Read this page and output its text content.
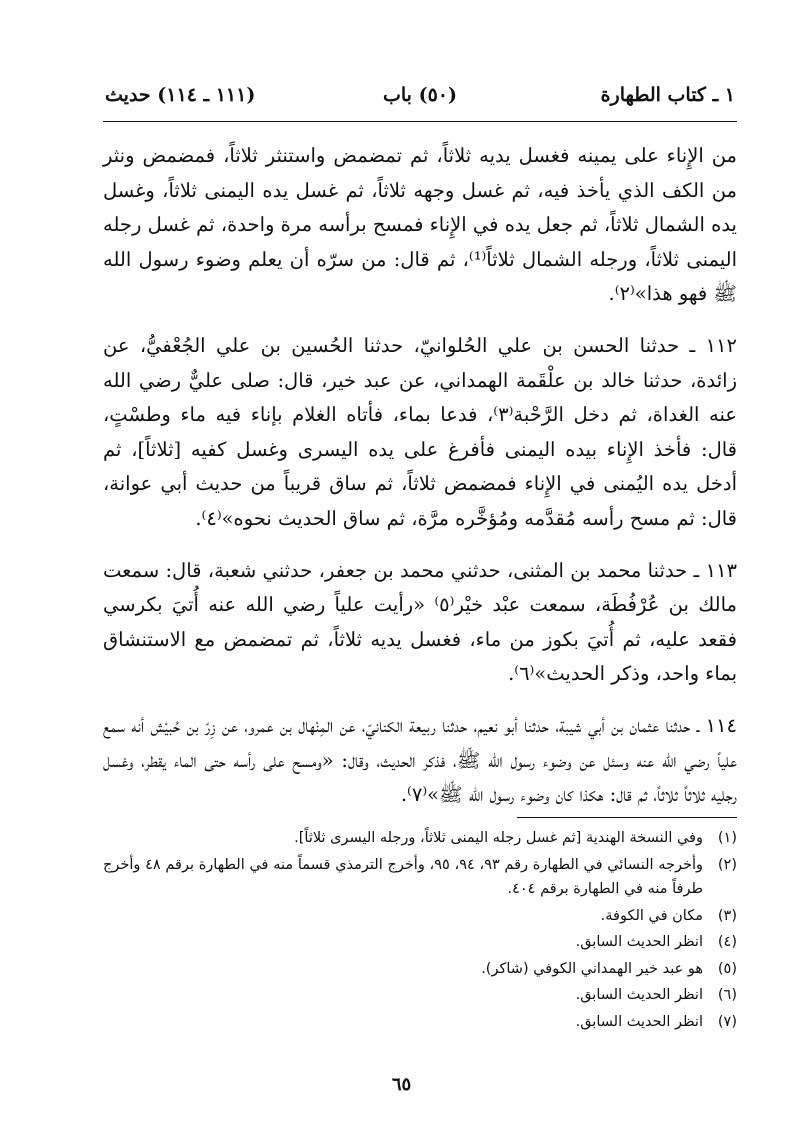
١ ـ كتاب الطهارة
(٥٠) باب
(١١١ ـ ١١٤) حديث

من الإِناء على يمينه فغسل يديه ثلاثاً، ثم تمضمض واستنثر ثلاثاً، فمضمض ونثر من الكف الذي يأخذ فيه، ثم غسل وجهه ثلاثاً، ثم غسل يده اليمنى ثلاثاً، وغسل يده الشمال ثلاثاً، ثم جعل يده في الإِناء فمسح برأسه مرة واحدة، ثم غسل رجله اليمنى ثلاثاً، ورجله الشمال ثلاثاً⁽¹⁾، ثم قال: من سرّه أن يعلم وضوء رسول الله ﷺ فهو هذا»⁽٢⁾.

١١٢ ـ حدثنا الحسن بن علي الحُلوانيّ، حدثنا الحُسين بن علي الجُعْفيُّ، عن زائدة، حدثنا خالد بن علْقَمة الهمداني، عن عبد خير، قال: صلى عليٌّ رضي الله عنه الغداة، ثم دخل الرَّحْبة⁽٣⁾، فدعا بماء، فأتاه الغلام بإناء فيه ماء وطسْتٍ، قال: فأخذ الإِناء بيده اليمنى فأفرغ على يده اليسرى وغسل كفيه [ثلاثاً]، ثم أدخل يده اليُمنى في الإِناء فمضمض ثلاثاً، ثم ساق قريباً من حديث أبي عوانة، قال: ثم مسح رأسه مُقدَّمه ومُؤخَّره مرَّة، ثم ساق الحديث نحوه»⁽٤⁾.

١١٣ ـ حدثنا محمد بن المثنى، حدثني محمد بن جعفر، حدثني شعبة، قال: سمعت مالك بن عُرْفُطَة، سمعت عبْد خيْر⁽٥⁾ «رأيت علياً رضي الله عنه أُتيَ بكرسي فقعد عليه، ثم أُتيَ بكوز من ماء، فغسل يديه ثلاثاً، ثم تمضمض مع الاستنشاق بماء واحد، وذكر الحديث»⁽٦⁾.

١١٤ ـ حدثنا عثمان بن أبي شيبة، حدثنا أبو نعيم، حدثنا ربيعة الكنانيّ، عن المِنْهال بن عمرو، عن زِرّ بن حُبيْش أنه سمع علياً رضي الله عنه وسئل عن وضوء رسول الله ﷺ، فذكر الحديث، وقال: «ومسح على رأسه حتى الماء يقطر، وغسل رجليه ثلاثاً ثلاثاً، ثم قال: هكذا كان وضوء رسول الله ﷺ»⁽٧⁾.

(١)
وفي النسخة الهندية [ثم غسل رجله اليمنى ثلاثاً، ورجله اليسرى ثلاثاً].
(٢)
وأخرجه النسائي في الطهارة رقم ٩٣، ٩٤، ٩٥، وأخرج الترمذي قسماً منه في الطهارة برقم ٤٨ وأخرج طرفاً منه في الطهارة برقم ٤٠٤.
(٣)
مكان في الكوفة.
(٤)
انظر الحديث السابق.
(٥)
هو عبد خير الهمداني الكوفي (شاكر).
(٦)
انظر الحديث السابق.
(٧)
انظر الحديث السابق.
٦٥
